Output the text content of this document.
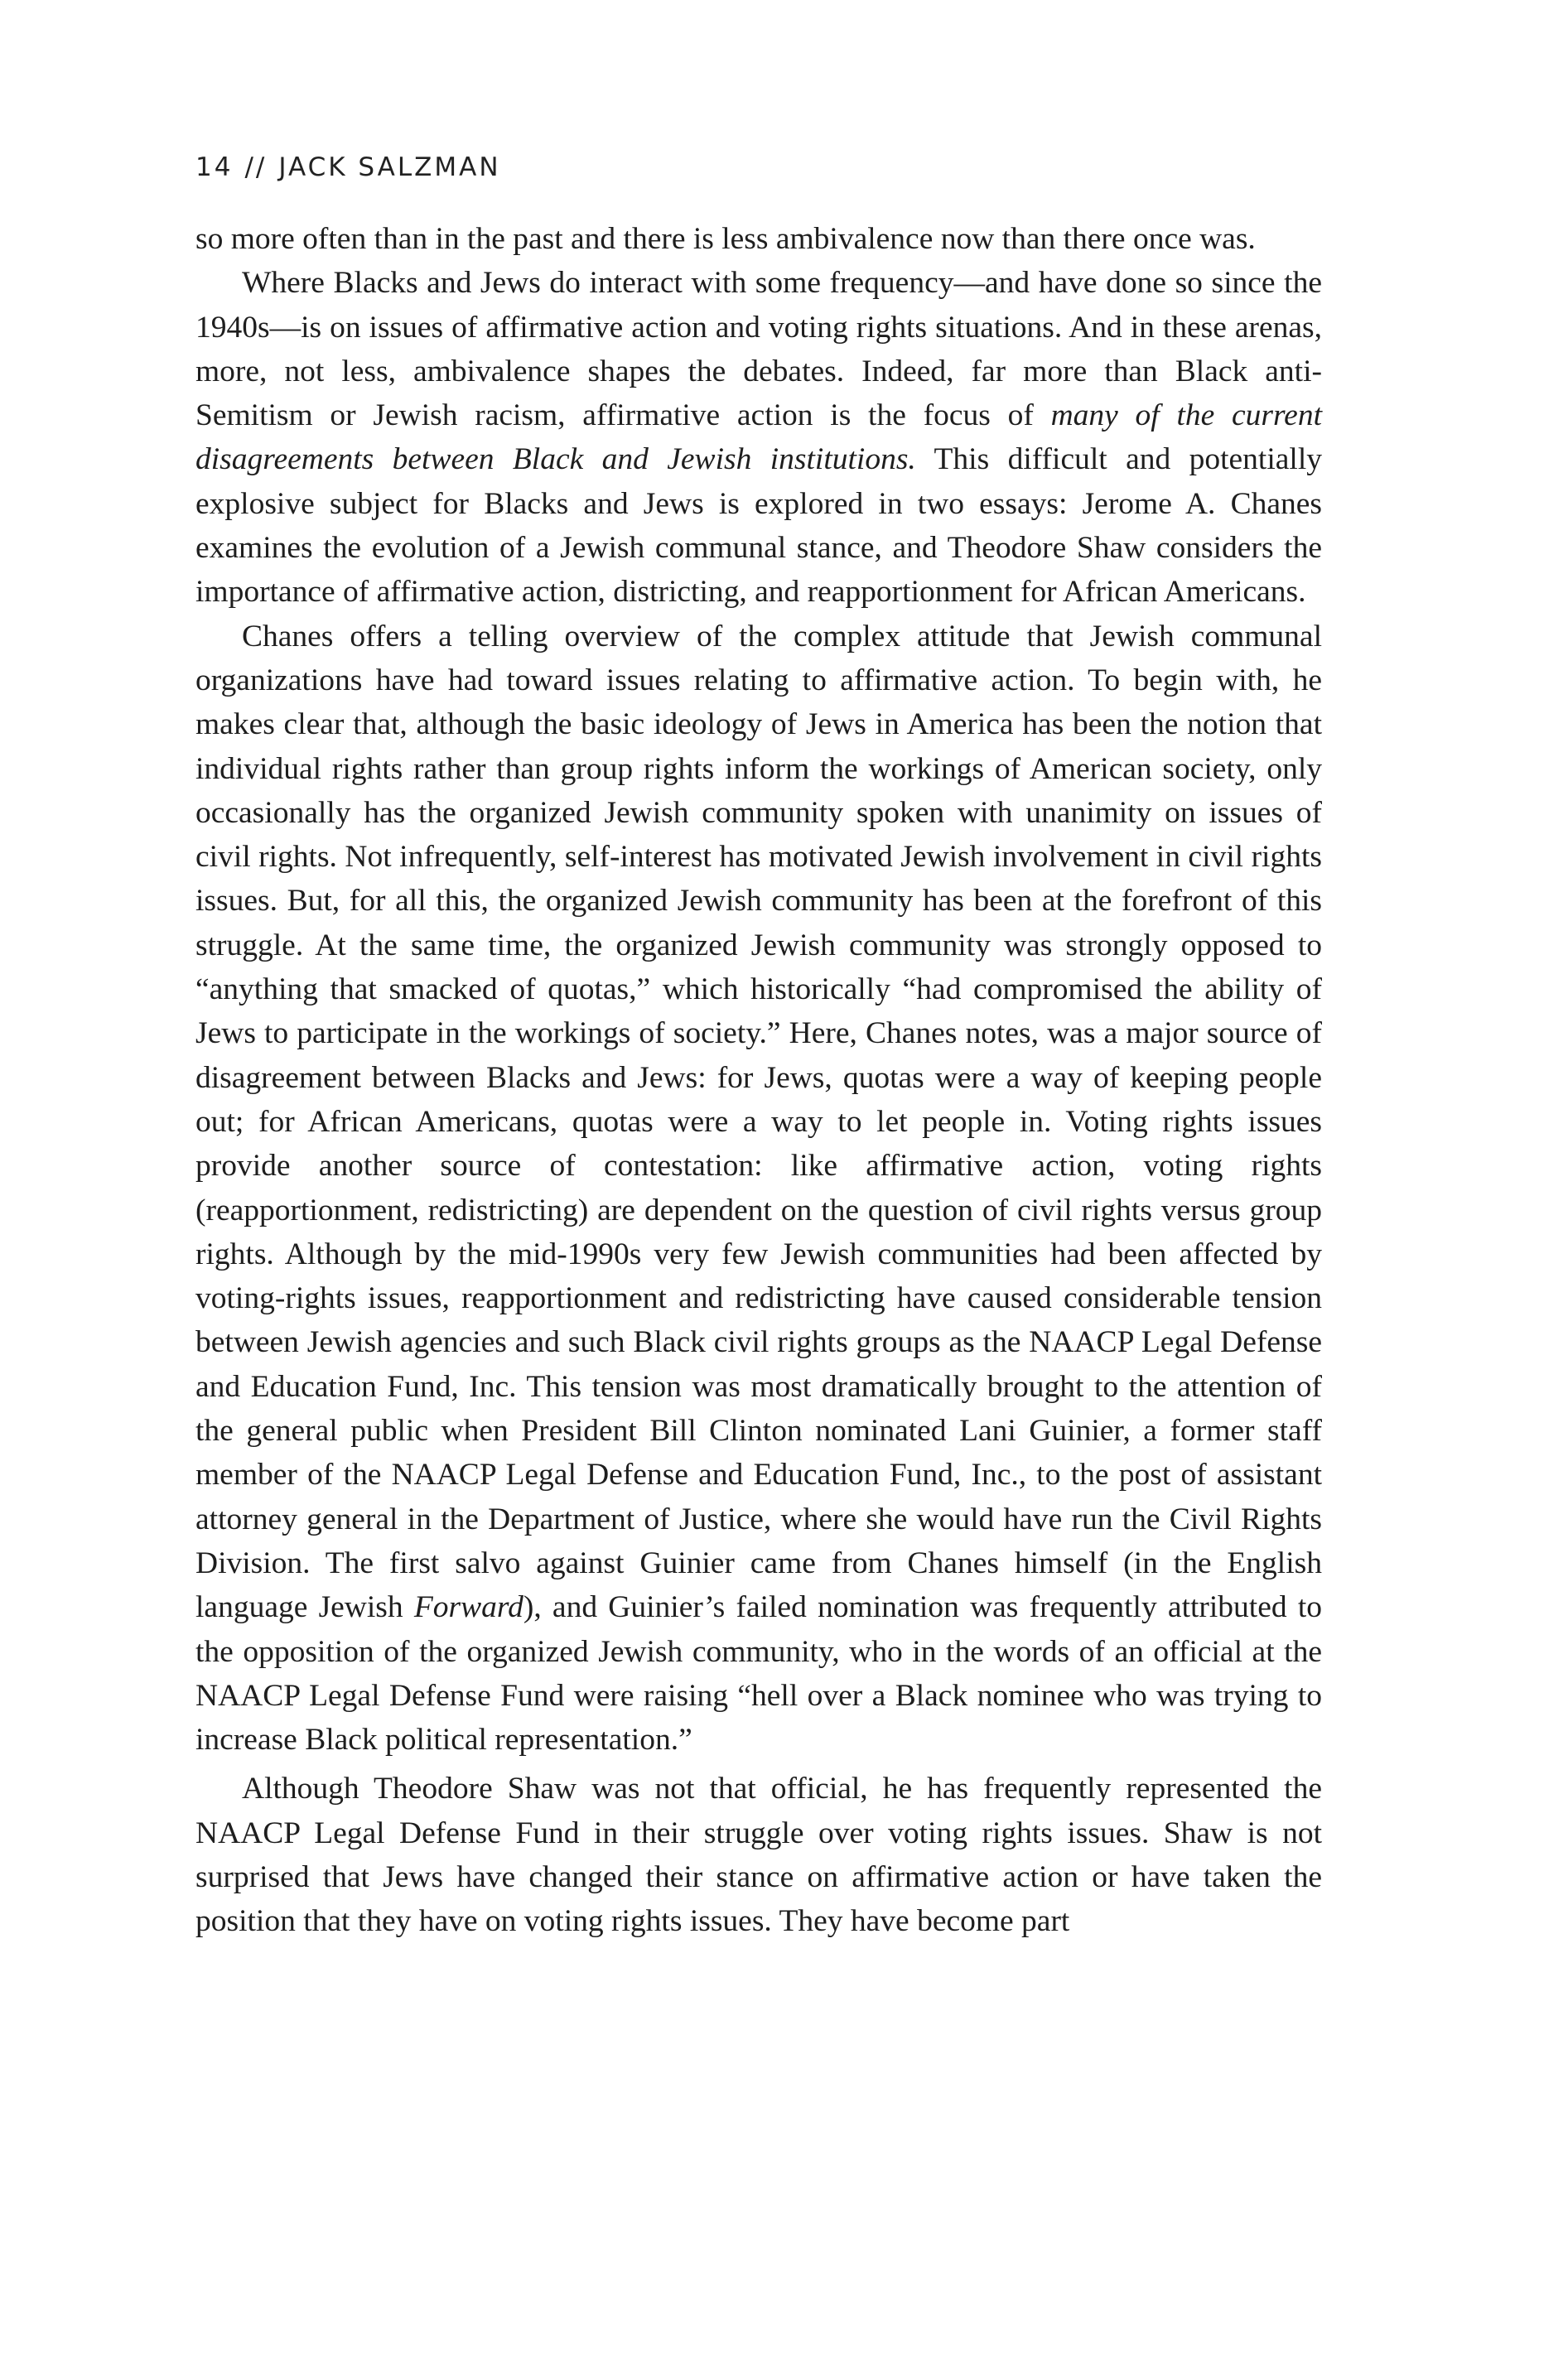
14 // JACK SALZMAN

so more often than in the past and there is less ambivalence now than there once was.

Where Blacks and Jews do interact with some frequency—and have done so since the 1940s—is on issues of affirmative action and voting rights situations. And in these arenas, more, not less, ambivalence shapes the debates. Indeed, far more than Black anti-Semitism or Jewish racism, affirmative action is the focus of many of the current disagreements between Black and Jewish institutions. This difficult and potentially explosive subject for Blacks and Jews is explored in two essays: Jerome A. Chanes examines the evolution of a Jewish communal stance, and Theodore Shaw considers the importance of affirmative action, districting, and reapportionment for African Americans.

Chanes offers a telling overview of the complex attitude that Jewish communal organizations have had toward issues relating to affirmative action. To begin with, he makes clear that, although the basic ideology of Jews in America has been the notion that individual rights rather than group rights inform the workings of American society, only occasionally has the organized Jewish community spoken with unanimity on issues of civil rights. Not infrequently, self-interest has motivated Jewish involvement in civil rights issues. But, for all this, the organized Jewish community has been at the forefront of this struggle. At the same time, the organized Jewish community was strongly opposed to “anything that smacked of quotas,” which historically “had compromised the ability of Jews to participate in the workings of society.” Here, Chanes notes, was a major source of disagreement between Blacks and Jews: for Jews, quotas were a way of keeping people out; for African Americans, quotas were a way to let people in. Voting rights issues provide another source of contestation: like affirmative action, voting rights (reapportionment, redistricting) are dependent on the question of civil rights versus group rights. Although by the mid-1990s very few Jewish communities had been affected by voting-rights issues, reapportionment and redistricting have caused considerable tension between Jewish agencies and such Black civil rights groups as the NAACP Legal Defense and Education Fund, Inc. This tension was most dramatically brought to the attention of the general public when President Bill Clinton nominated Lani Guinier, a former staff member of the NAACP Legal Defense and Education Fund, Inc., to the post of assistant attorney general in the Department of Justice, where she would have run the Civil Rights Division. The first salvo against Guinier came from Chanes himself (in the English language Jewish Forward), and Guinier’s failed nomination was frequently attributed to the opposition of the organized Jewish community, who in the words of an official at the NAACP Legal Defense Fund were raising “hell over a Black nominee who was trying to increase Black political representation.”

Although Theodore Shaw was not that official, he has frequently represented the NAACP Legal Defense Fund in their struggle over voting rights issues. Shaw is not surprised that Jews have changed their stance on affirmative action or have taken the position that they have on voting rights issues. They have become part
